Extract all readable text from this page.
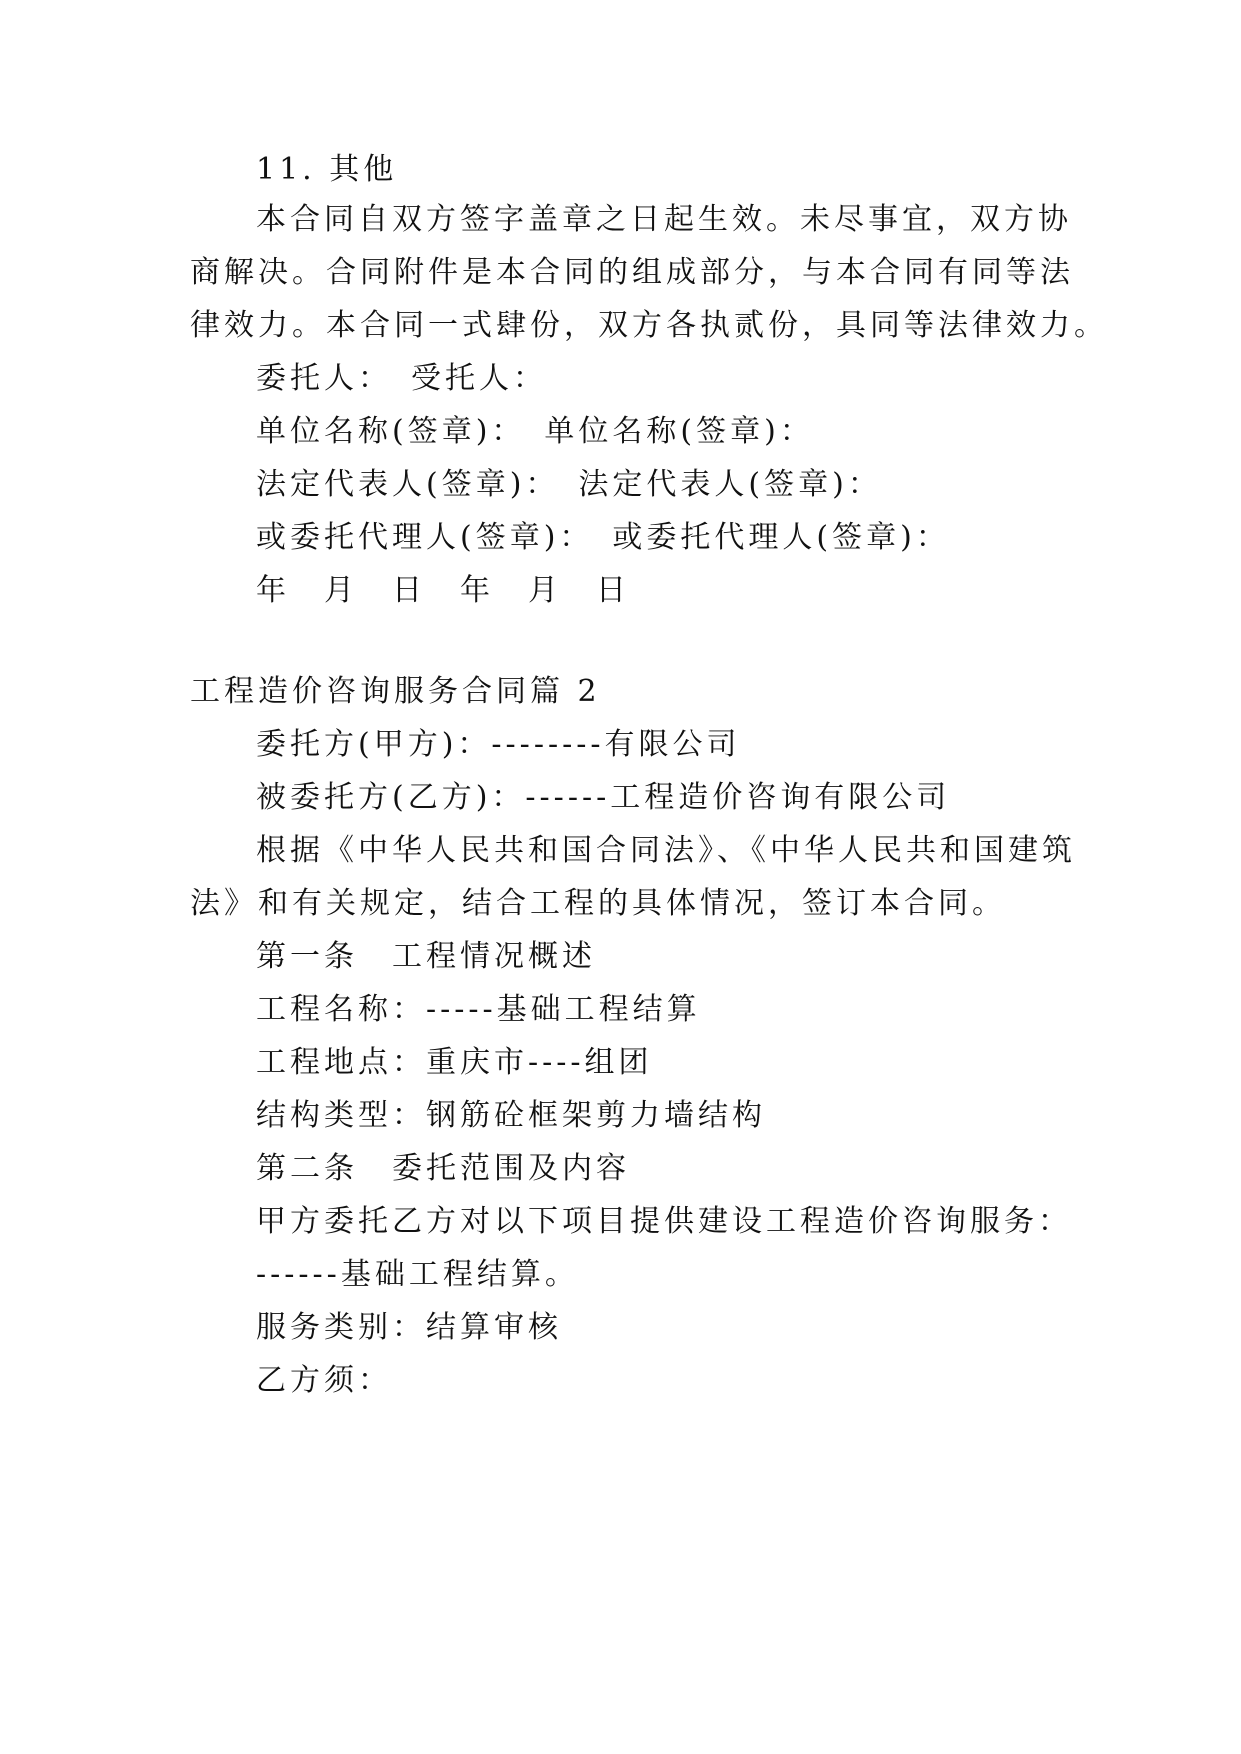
11. 其他
本合同自双方签字盖章之日起生效。未尽事宜，双方协
商解决。合同附件是本合同的组成部分，与本合同有同等法
律效力。本合同一式肆份，双方各执贰份，具同等法律效力。
委托人：　受托人：
单位名称(签章)：　单位名称(签章)：
法定代表人(签章)：　法定代表人(签章)：
或委托代理人(签章)：　或委托代理人(签章)：
年　月　日　年　月　日
工程造价咨询服务合同篇 2
委托方(甲方)：--------有限公司
被委托方(乙方)：------工程造价咨询有限公司
根据《中华人民共和国合同法》、《中华人民共和国建筑
法》和有关规定，结合工程的具体情况，签订本合同。
第一条　工程情况概述
工程名称：-----基础工程结算
工程地点：重庆市----组团
结构类型：钢筋砼框架剪力墙结构
第二条　委托范围及内容
甲方委托乙方对以下项目提供建设工程造价咨询服务：
------基础工程结算。
服务类别：结算审核
乙方须：
